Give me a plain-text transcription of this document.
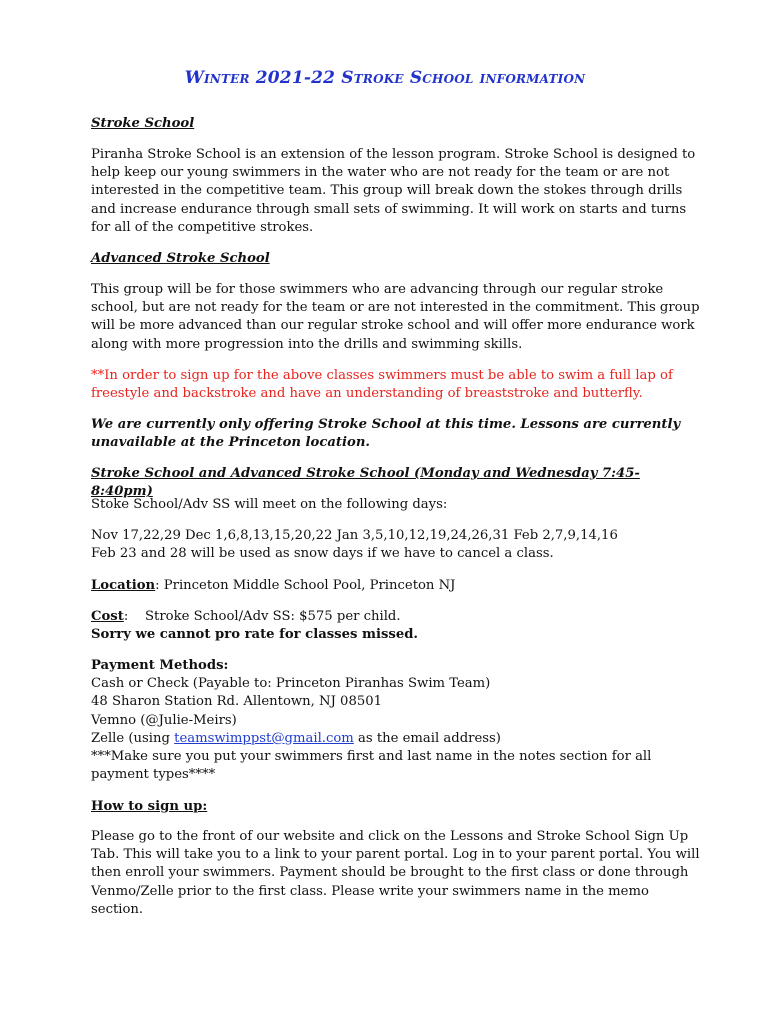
Winter 2021-22 Stroke School information
Stroke School
Piranha Stroke School is an extension of the lesson program. Stroke School is designed to
help keep our young swimmers in the water who are not ready for the team or are not
interested in the competitive team. This group will break down the stokes through drills
and increase endurance through small sets of swimming. It will work on starts and turns
for all of the competitive strokes.
Advanced Stroke School
This group will be for those swimmers who are advancing through our regular stroke
school, but are not ready for the team or are not interested in the commitment. This group
will be more advanced than our regular stroke school and will offer more endurance work
along with more progression into the drills and swimming skills.
**In order to sign up for the above classes swimmers must be able to swim a full lap of
freestyle and backstroke and have an understanding of breaststroke and butterfly.
We are currently only offering Stroke School at this time. Lessons are currently
unavailable at the Princeton location.
Stroke School and Advanced Stroke School (Monday and Wednesday 7:45-8:40pm)
Stoke School/Adv SS will meet on the following days:
Nov 17,22,29 Dec 1,6,8,13,15,20,22 Jan 3,5,10,12,19,24,26,31 Feb 2,7,9,14,16
Feb 23 and 28 will be used as snow days if we have to cancel a class.
Location: Princeton Middle School Pool, Princeton NJ
Cost:    Stroke School/Adv SS: $575 per child.
Sorry we cannot pro rate for classes missed.
Payment Methods:
Cash or Check (Payable to: Princeton Piranhas Swim Team)
48 Sharon Station Rd. Allentown, NJ 08501
Vemno (@Julie-Meirs)
Zelle (using teamswimppst@gmail.com as the email address)
***Make sure you put your swimmers first and last name in the notes section for all
payment types****
How to sign up:
Please go to the front of our website and click on the Lessons and Stroke School Sign Up
Tab. This will take you to a link to your parent portal. Log in to your parent portal. You will
then enroll your swimmers. Payment should be brought to the first class or done through
Venmo/Zelle prior to the first class. Please write your swimmers name in the memo
section.
